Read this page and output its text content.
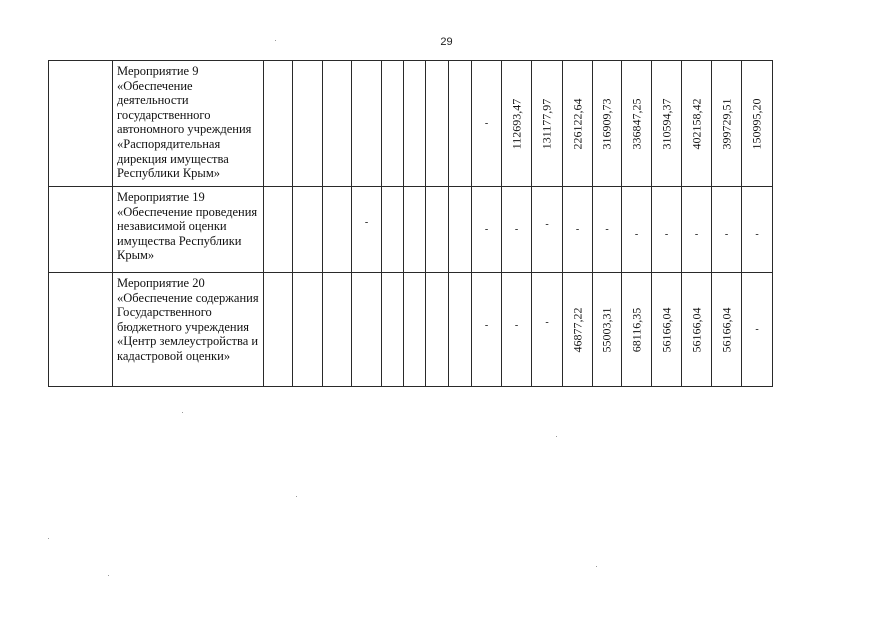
29
	Мероприятие 9 «Обеспечение деятельности государственного автономного учреждения «Распорядительная дирекция имущества Республики Крым»									-	112693,47	131177,97	226122,64	316909,73	336847,25	310594,37	402158,42	399729,51	150995,20

	Мероприятие 19 «Обеспечение проведения независимой оценки имущества Республики Крым»				-					-	-	-	-	-	-	-	-	-	-

	Мероприятие 20 «Обеспечение содержания Государственного бюджетного учреждения «Центр землеустройства и кадастровой оценки»									-	-	-	46877,22	55003,31	68116,35	56166,04	56166,04	56166,04	-
